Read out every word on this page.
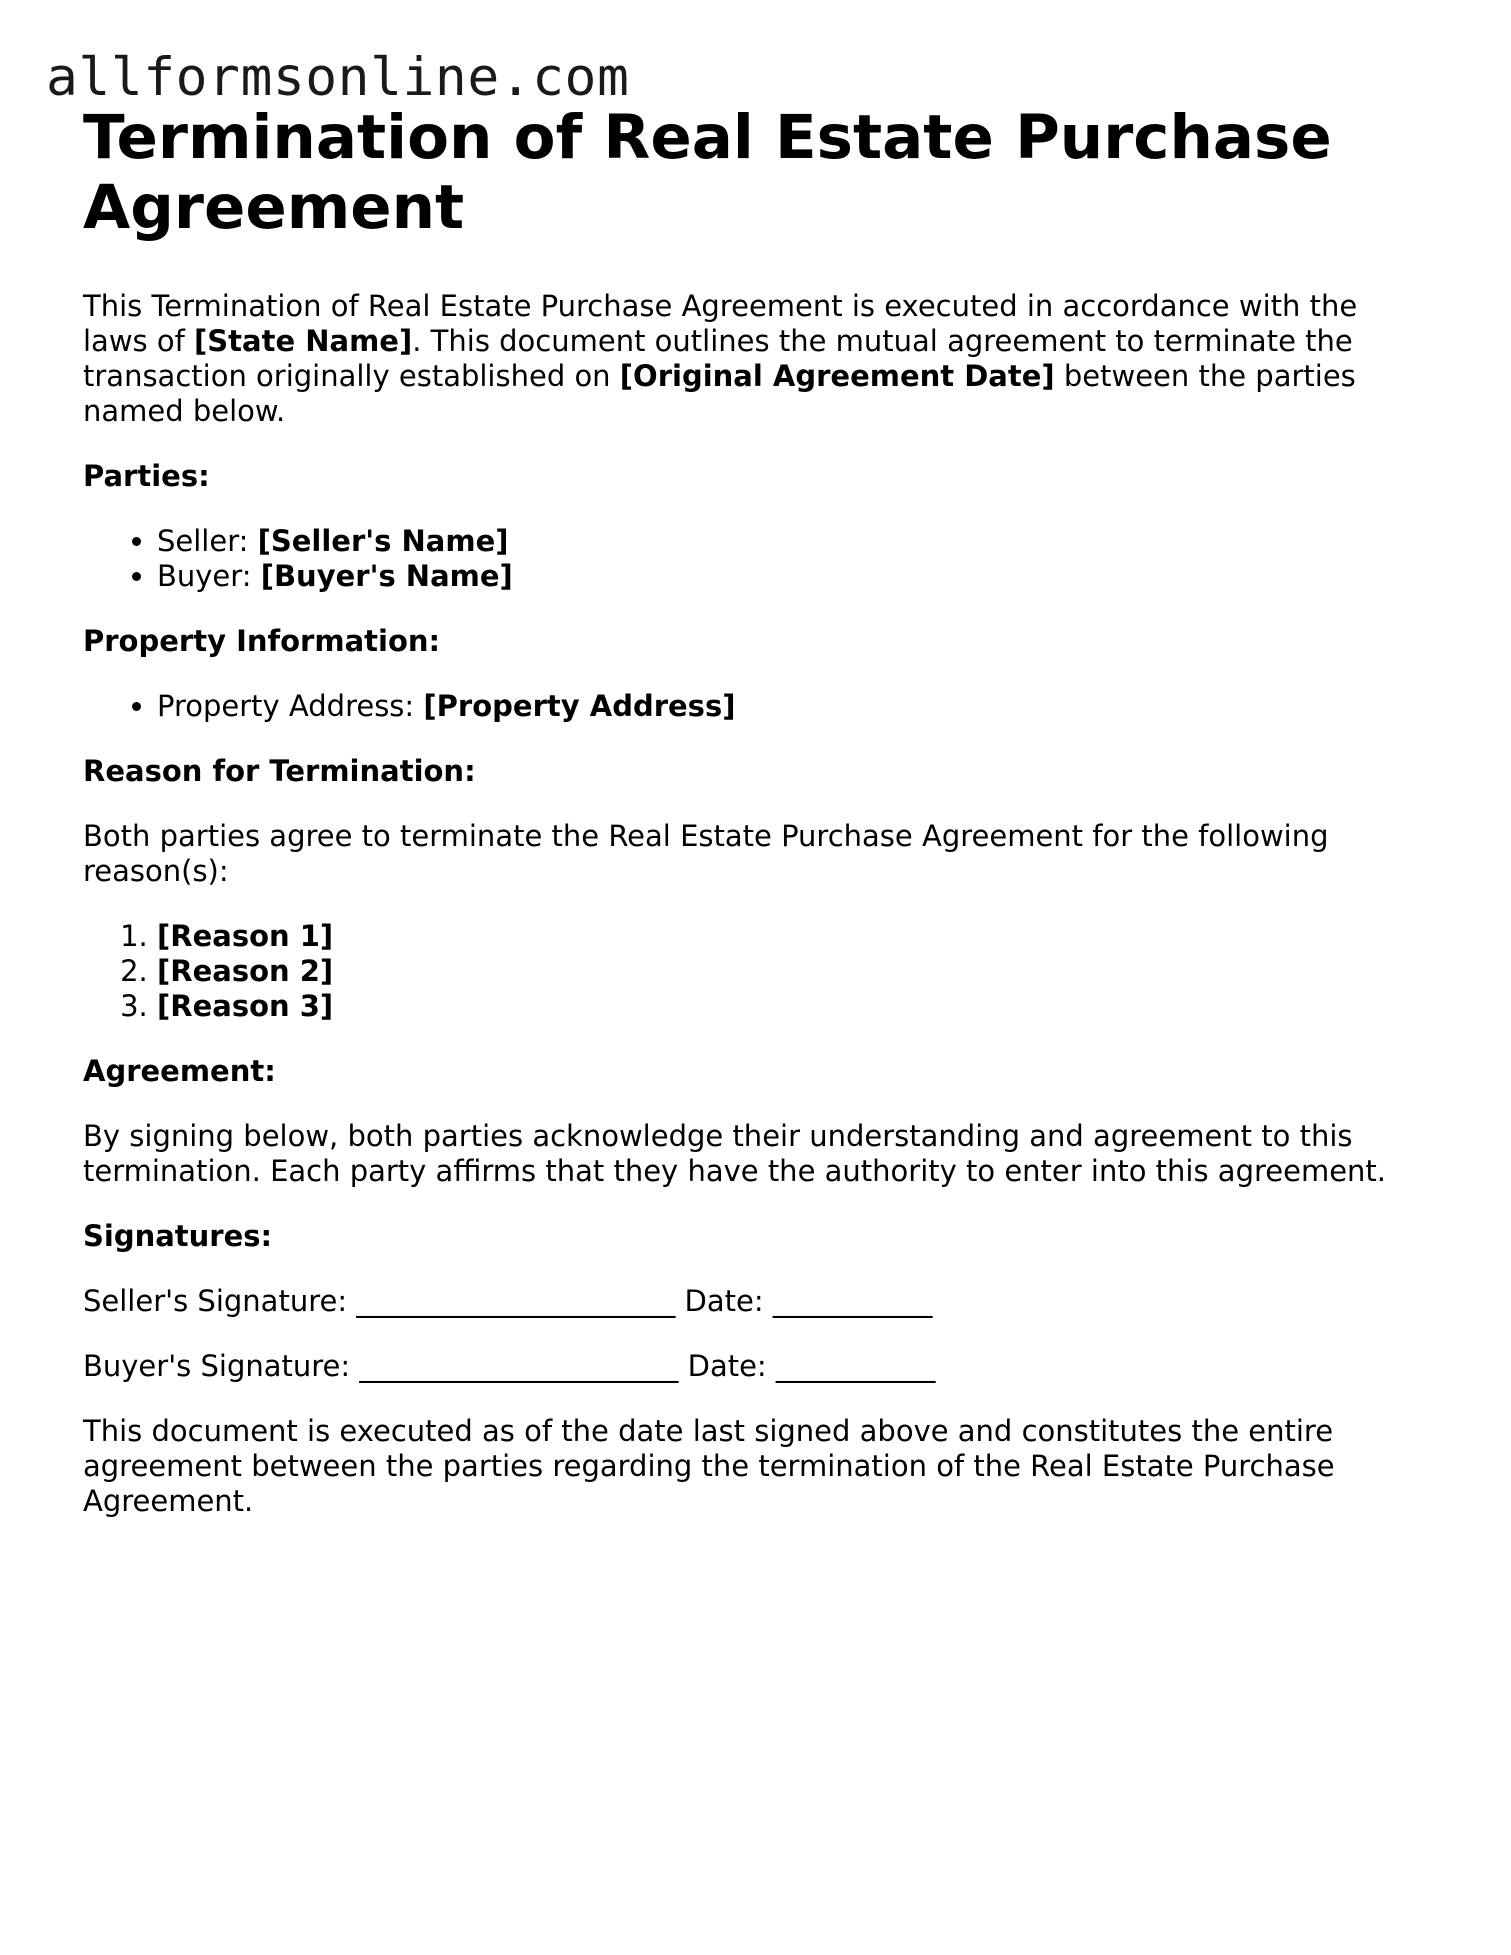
allformsonline.com
Termination of Real Estate Purchase Agreement

This Termination of Real Estate Purchase Agreement is executed in accordance with the laws of [State Name]. This document outlines the mutual agreement to terminate the transaction originally established on [Original Agreement Date] between the parties named below.

Parties:

• Seller: [Seller's Name]
• Buyer: [Buyer's Name]

Property Information:

• Property Address: [Property Address]

Reason for Termination:

Both parties agree to terminate the Real Estate Purchase Agreement for the following reason(s):

1. [Reason 1]
2. [Reason 2]
3. [Reason 3]

Agreement:

By signing below, both parties acknowledge their understanding and agreement to this termination. Each party affirms that they have the authority to enter into this agreement.

Signatures:

Seller's Signature: ______________________ Date: ___________

Buyer's Signature: ______________________ Date: ___________

This document is executed as of the date last signed above and constitutes the entire agreement between the parties regarding the termination of the Real Estate Purchase Agreement.
